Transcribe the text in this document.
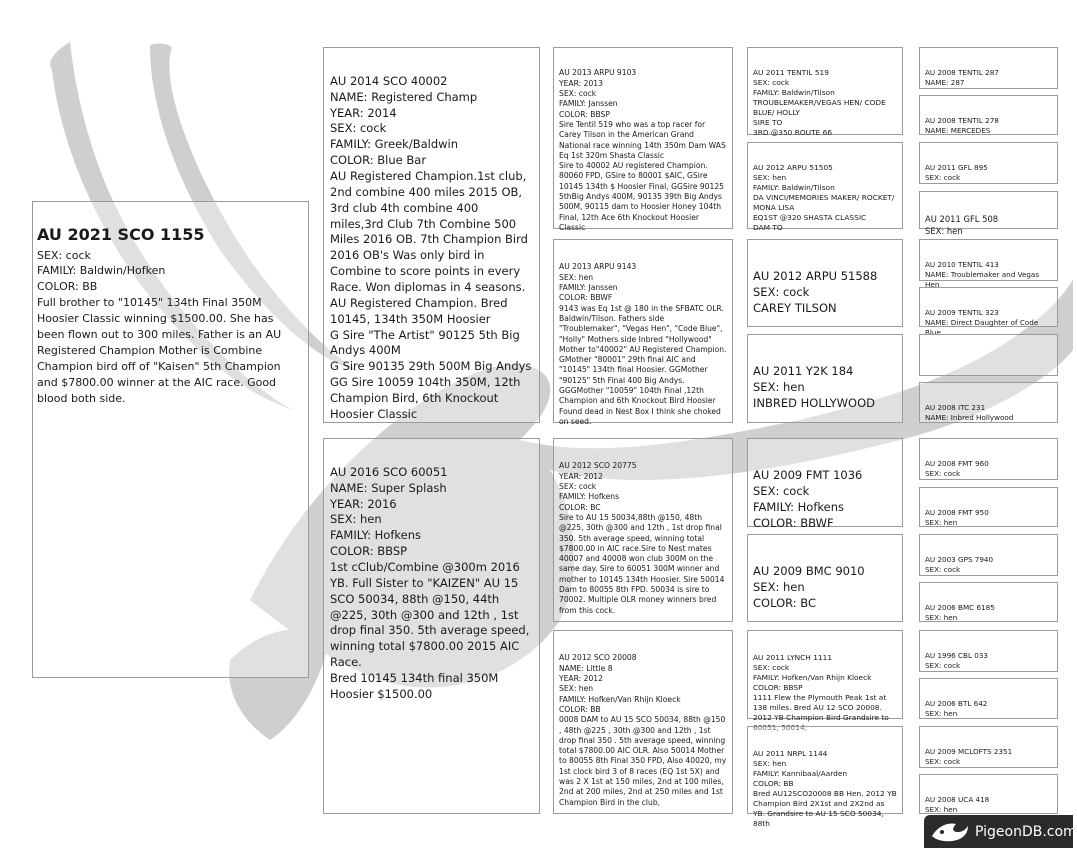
AU 2021 SCO 1155
SEX: cock
FAMILY: Baldwin/Hofken
COLOR: BB
Full brother to "10145" 134th Final 350M Hoosier Classic winning $1500.00. She has been flown out to 300 miles. Father is an AU Registered Champion Mother is Combine Champion bird off of "Kaisen" 5th Champion and $7800.00 winner at the AIC race. Good blood both side.

AU 2014 SCO 40002
NAME: Registered Champ
YEAR: 2014
SEX: cock
FAMILY: Greek/Baldwin
COLOR: Blue Bar
AU Registered Champion.1st club, 2nd combine 400 miles 2015 OB, 3rd club 4th combine 400 miles,3rd Club 7th Combine 500 Miles 2016 OB. 7th Champion Bird 2016 OB's Was only bird in Combine to score points in every Race. Won diplomas in 4 seasons. AU Registered Champion. Bred 10145, 134th 350M Hoosier
G Sire "The Artist" 90125 5th Big Andys 400M
G Sire 90135 29th 500M Big Andys
GG Sire 10059 104th 350M, 12th Champion Bird, 6th Knockout Hoosier Classic

AU 2016 SCO 60051
NAME: Super Splash
YEAR: 2016
SEX: hen
FAMILY: Hofkens
COLOR: BBSP
1st cClub/Combine @300m 2016 YB. Full Sister to "KAIZEN" AU 15 SCO 50034, 88th @150, 44th @225, 30th @300 and 12th , 1st drop final 350. 5th average speed, winning total $7800.00 2015 AIC Race.
Bred 10145 134th final 350M Hoosier $1500.00

AU 2013 ARPU 9103
YEAR: 2013
SEX: cock
FAMILY: Janssen
COLOR: BBSP
Sire Tentil 519 who was a top racer for Carey Tilson in the American Grand National race winning 14th 350m Dam WAS Eq 1st 320m Shasta Classic
Sire to 40002 AU registered Champion. 80060 FPD, GSire to 80001 $AIC, GSire 10145 134th $ Hoosier Final, GGSire 90125 5thBig Andys 400M, 90135 39th Big Andys 500M, 90115 dam to Hoosier Honey 104th Final, 12th Ace 6th Knockout Hoosier Classic

AU 2013 ARPU 9143
SEX: hen
FAMILY: Janssen
COLOR: BBWF
9143 was Eq 1st @ 180 in the SFBATC OLR. Baldwin/Tilson. Fathers side "Troublemaker", "Vegas Hen", "Code Blue", "Holly" Mothers side Inbred "Hollywood" Mother to"40002" AU Registered Champion. GMother "80001" 29th final AIC and "10145" 134th final Hoosier. GGMother "90125" 5th Final 400 Big Andys. GGGMother "10059" 104th Final ,12th Champion and 6th Knockout Bird Hoosier Found dead in Nest Box I think she choked on seed.

AU 2012 SCO 20775
YEAR: 2012
SEX: cock
FAMILY: Hofkens
COLOR: BC
Sire to AU 15 50034,88th @150, 48th @225, 30th @300 and 12th , 1st drop final 350. 5th average speed, winning total $7800.00 in AIC race.Sire to Nest mates 40007 and 40008 won club 300M on the same day. Sire to 60051 300M winner and mother to 10145 134th Hoosier. Sire 50014 Dam to 80055 8th FPD. 50034 is sire to 70002. Multiple OLR money winners bred from this cock.

AU 2012 SCO 20008
NAME: Little 8
YEAR: 2012
SEX: hen
FAMILY: Hofken/Van Rhijn Kloeck
COLOR: BB
0008 DAM to AU 15 SCO 50034, 88th @150 , 48th @225 , 30th @300 and 12th , 1st drop final 350 . 5th average speed, winning total $7800.00 AIC OLR. Also 50014 Mother to 80055 8th Final 350 FPD, Also 40020, my 1st clock bird 3 of 8 races (EQ 1st 5X) and was 2 X 1st at 150 miles, 2nd at 100 miles, 2nd at 200 miles, 2nd at 250 miles and 1st Champion Bird in the club,

AU 2011 TENTIL 519
SEX: cock
FAMILY: Baldwin/Tilson
TROUBLEMAKER/VEGAS HEN/ CODE BLUE/ HOLLY
SIRE TO
3RD @350 ROUTE 66

AU 2012 ARPU 51505
SEX: hen
FAMILY: Baldwin/Tilson
DA VINCI/MEMORIES MAKER/ ROCKET/ MONA LISA
EQ1ST @320 SHASTA CLASSIC
DAM TO

AU 2012 ARPU 51588
SEX: cock
CAREY TILSON

AU 2011 Y2K 184
SEX: hen
INBRED HOLLYWOOD

AU 2009 FMT 1036
SEX: cock
FAMILY: Hofkens
COLOR: BBWF

AU 2009 BMC 9010
SEX: hen
COLOR: BC

AU 2011 LYNCH 1111
SEX: cock
FAMILY: Hofken/Van Rhijn Kloeck
COLOR: BBSP
1111 Flew the Plymouth Peak 1st at 138 miles. Bred AU 12 SCO 20008. 2012 YB Champion Bird Grandsire to 60051, 50014,

AU 2011 NRPL 1144
SEX: hen
FAMILY: Kannibaal/Aarden
COLOR: BB
Bred AU12SCO20008 BB Hen. 2012 YB Champion Bird 2X1st and 2X2nd as YB. Grandsire to AU 15 SCO 50034, 88th

AU 2008 TENTIL 287
NAME: 287

AU 2008 TENTIL 278
NAME: MERCEDES

AU 2011 GFL 895
SEX: cock

AU 2011 GFL 508
SEX: hen

AU 2010 TENTIL 413
NAME: Troublemaker and Vegas Hen

AU 2009 TENTIL 323
NAME: Direct Daughter of Code Blue

AU 2008 ITC 231
NAME: Inbred Hollywood

AU 2008 FMT 960
SEX: cock

AU 2008 FMT 950
SEX: hen

AU 2003 GPS 7940
SEX: cock

AU 2006 BMC 6185
SEX: hen

AU 1996 CBL 033
SEX: cock

AU 2006 BTL 642
SEX: hen

AU 2009 MCLOFTS 2351
SEX: cock

AU 2008 UCA 418
SEX: hen

PigeonDB.com
